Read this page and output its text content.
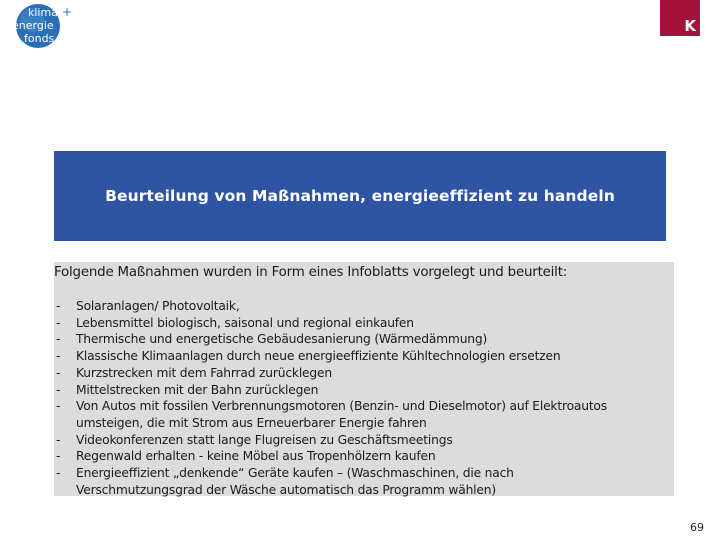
klima +
energie
fonds
K
Beurteilung von Maßnahmen, energieeffizient zu handeln
Folgende Maßnahmen wurden in Form eines Infoblatts vorgelegt und beurteilt:
- Solaranlagen/ Photovoltaik,
- Lebensmittel biologisch, saisonal und regional einkaufen
- Thermische und energetische Gebäudesanierung (Wärmedämmung)
- Klassische Klimaanlagen durch neue energieeffiziente Kühltechnologien ersetzen
- Kurzstrecken mit dem Fahrrad zurücklegen
- Mittelstrecken mit der Bahn zurücklegen
- Von Autos mit fossilen Verbrennungsmotoren (Benzin- und Dieselmotor) auf Elektroautos
umsteigen, die mit Strom aus Erneuerbarer Energie fahren
- Videokonferenzen statt lange Flugreisen zu Geschäftsmeetings
- Regenwald erhalten - keine Möbel aus Tropenhölzern kaufen
- Energieeffizient „denkende“ Geräte kaufen – (Waschmaschinen, die nach
Verschmutzungsgrad der Wäsche automatisch das Programm wählen)
69
